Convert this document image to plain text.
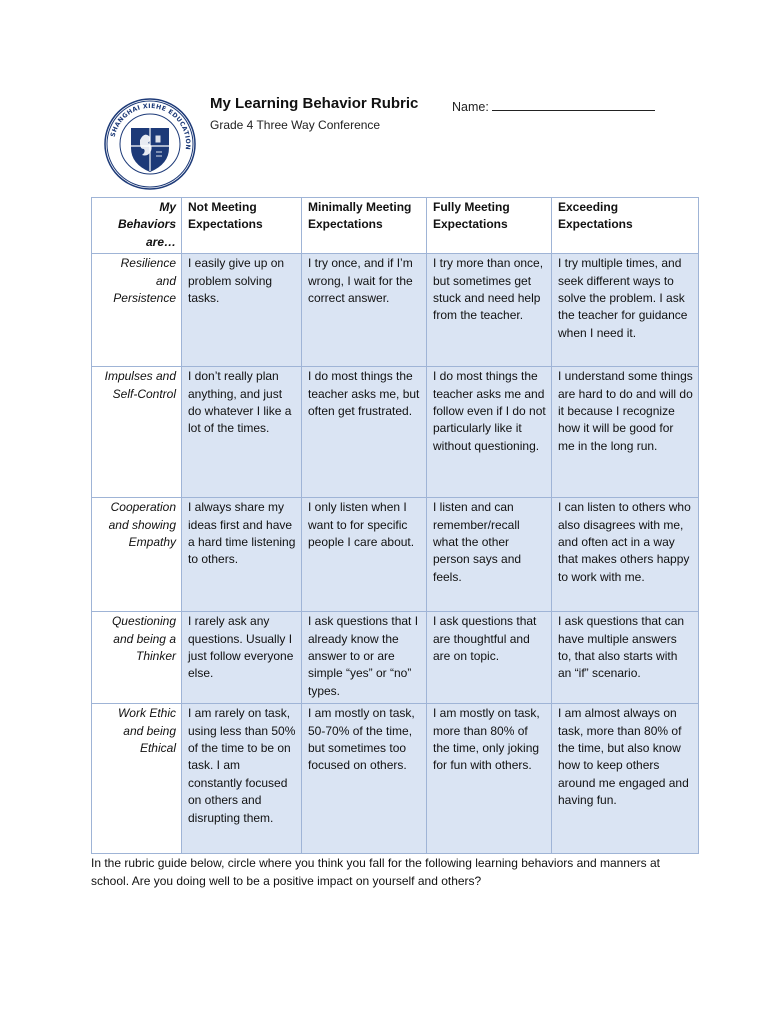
SHANGHAI XIEHE EDUCATION
My Learning Behavior Rubric
Grade 4 Three Way Conference
Name:
My Behaviors are…	Not Meeting Expectations	Minimally Meeting Expectations	Fully Meeting Expectations	Exceeding Expectations
Resilience and Persistence	I easily give up on problem solving tasks.	I try once, and if I’m wrong, I wait for the correct answer.	I try more than once, but sometimes get stuck and need help from the teacher.	I try multiple times, and seek different ways to solve the problem. I ask the teacher for guidance when I need it.
Impulses and Self-Control	I don’t really plan anything, and just do whatever I like a lot of the times.	I do most things the teacher asks me, but often get frustrated.	I do most things the teacher asks me and follow even if I do not particularly like it without questioning.	I understand some things are hard to do and will do it because I recognize how it will be good for me in the long run.
Cooperation and showing Empathy	I always share my ideas first and have a hard time listening to others.	I only listen when I want to for specific people I care about.	I listen and can remember/recall what the other person says and feels.	I can listen to others who also disagrees with me, and often act in a way that makes others happy to work with me.
Questioning and being a Thinker	I rarely ask any questions. Usually I just follow everyone else.	I ask questions that I already know the answer to or are simple “yes” or “no” types.	I ask questions that are thoughtful and are on topic.	I ask questions that can have multiple answers to, that also starts with an “if” scenario.
Work Ethic and being Ethical	I am rarely on task, using less than 50% of the time to be on task. I am constantly focused on others and disrupting them.	I am mostly on task, 50-70% of the time, but sometimes too focused on others.	I am mostly on task, more than 80% of the time, only joking for fun with others.	I am almost always on task, more than 80% of the time, but also know how to keep others around me engaged and having fun.
In the rubric guide below, circle where you think you fall for the following learning behaviors and manners at school. Are you doing well to be a positive impact on yourself and others?
